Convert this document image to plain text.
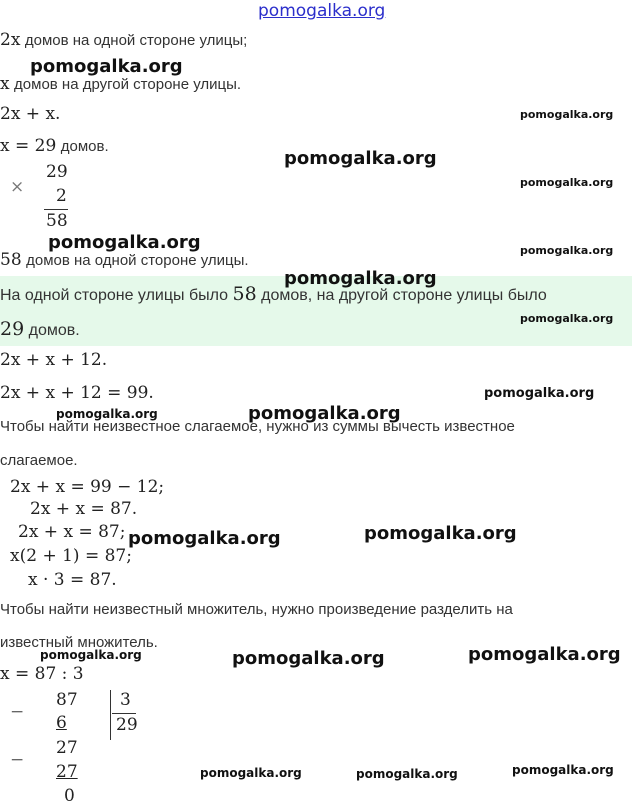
pomogalka.org
2x домов на одной стороне улицы;
x домов на другой стороне улицы.
2x + x.
x = 29 домов.
×
29
2
58
58 домов на одной стороне улицы.
На одной стороне улицы было 58 домов, на другой стороне улицы было
29 домов.
2x + x + 12.
2x + x + 12 = 99.
Чтобы найти неизвестное слагаемое, нужно из суммы вычесть известное
слагаемое.
2x + x = 99 − 12;
2x + x = 87.
2x + x = 87;
x(2 + 1) = 87;
x · 3 = 87.
Чтобы найти неизвестный множитель, нужно произведение разделить на
известный множитель.
x = 87 : 3
−
87 3
29
6
27
−
27
0
pomogalka.org
pomogalka.org
pomogalka.org
pomogalka.org
pomogalka.org	pomogalka.org
pomogalka.org
pomogalka.org
pomogalka.org
pomogalka.org	pomogalka.org
pomogalka.org	pomogalka.org
pomogalka.org	pomogalka.org	pomogalka.org
pomogalka.org	pomogalka.org	pomogalka.org
